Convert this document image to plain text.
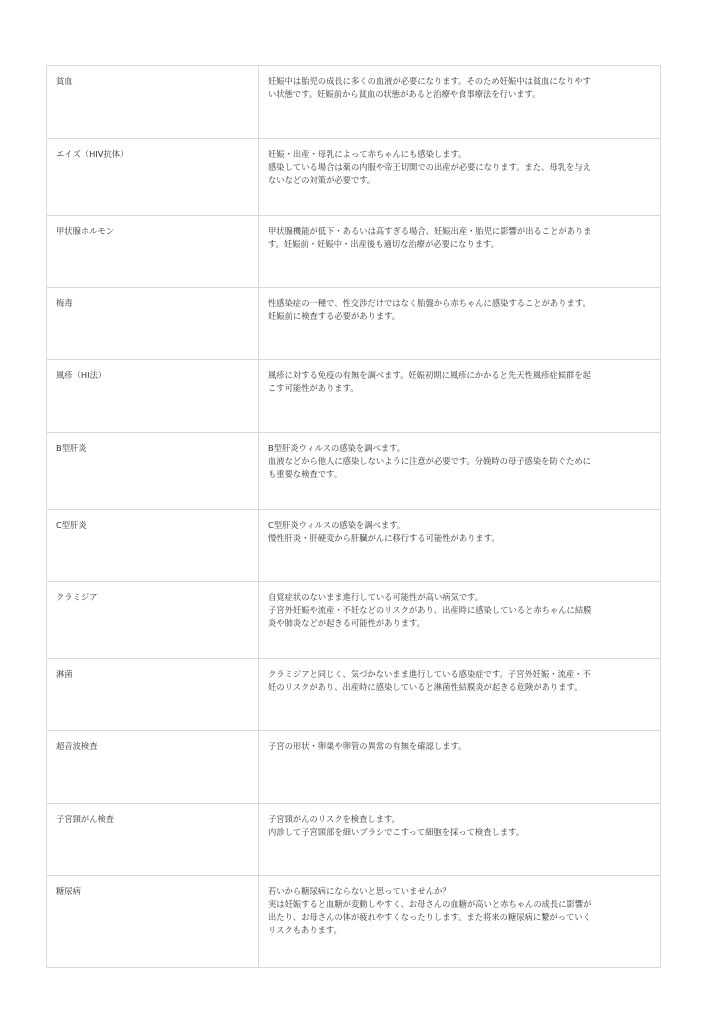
貧血	妊娠中は胎児の成長に多くの血液が必要になります。そのため妊娠中は貧血になりやす
い状態です。妊娠前から貧血の状態があると治療や食事療法を行います。

エイズ（HIV抗体）	妊娠・出産・母乳によって赤ちゃんにも感染します。
感染している場合は薬の内服や帝王切開での出産が必要になります。また、母乳を与え
ないなどの対策が必要です。

甲状腺ホルモン	甲状腺機能が低下・あるいは高すぎる場合、妊娠出産・胎児に影響が出ることがありま
す。妊娠前・妊娠中・出産後も適切な治療が必要になります。

梅毒	性感染症の一種で、性交渉だけではなく胎盤から赤ちゃんに感染することがあります。
妊娠前に検査する必要があります。

風疹（HI法）	風疹に対する免疫の有無を調べます。妊娠初期に風疹にかかると先天性風疹症候群を起
こす可能性があります。

B型肝炎	B型肝炎ウィルスの感染を調べます。
血液などから他人に感染しないように注意が必要です。分娩時の母子感染を防ぐために
も重要な検査です。

C型肝炎	C型肝炎ウィルスの感染を調べます。
慢性肝炎・肝硬変から肝臓がんに移行する可能性があります。

クラミジア	自覚症状のないまま進行している可能性が高い病気です。
子宮外妊娠や流産・不妊などのリスクがあり、出産時に感染していると赤ちゃんに結膜
炎や肺炎などが起きる可能性があります。

淋菌	クラミジアと同じく、気づかないまま進行している感染症です。子宮外妊娠・流産・不
妊のリスクがあり、出産時に感染していると淋菌性結膜炎が起きる危険があります。

超音波検査	子宮の形状・卵巣や卵管の異常の有無を確認します。

子宮頸がん検査	子宮頸がんのリスクを検査します。
内診して子宮頸部を細いブラシでこすって細胞を採って検査します。

糖尿病	若いから糖尿病にならないと思っていませんか？
実は妊娠すると血糖が変動しやすく、お母さんの血糖が高いと赤ちゃんの成長に影響が
出たり、お母さんの体が疲れやすくなったりします。また将来の糖尿病に繋がっていく
リスクもあります。
